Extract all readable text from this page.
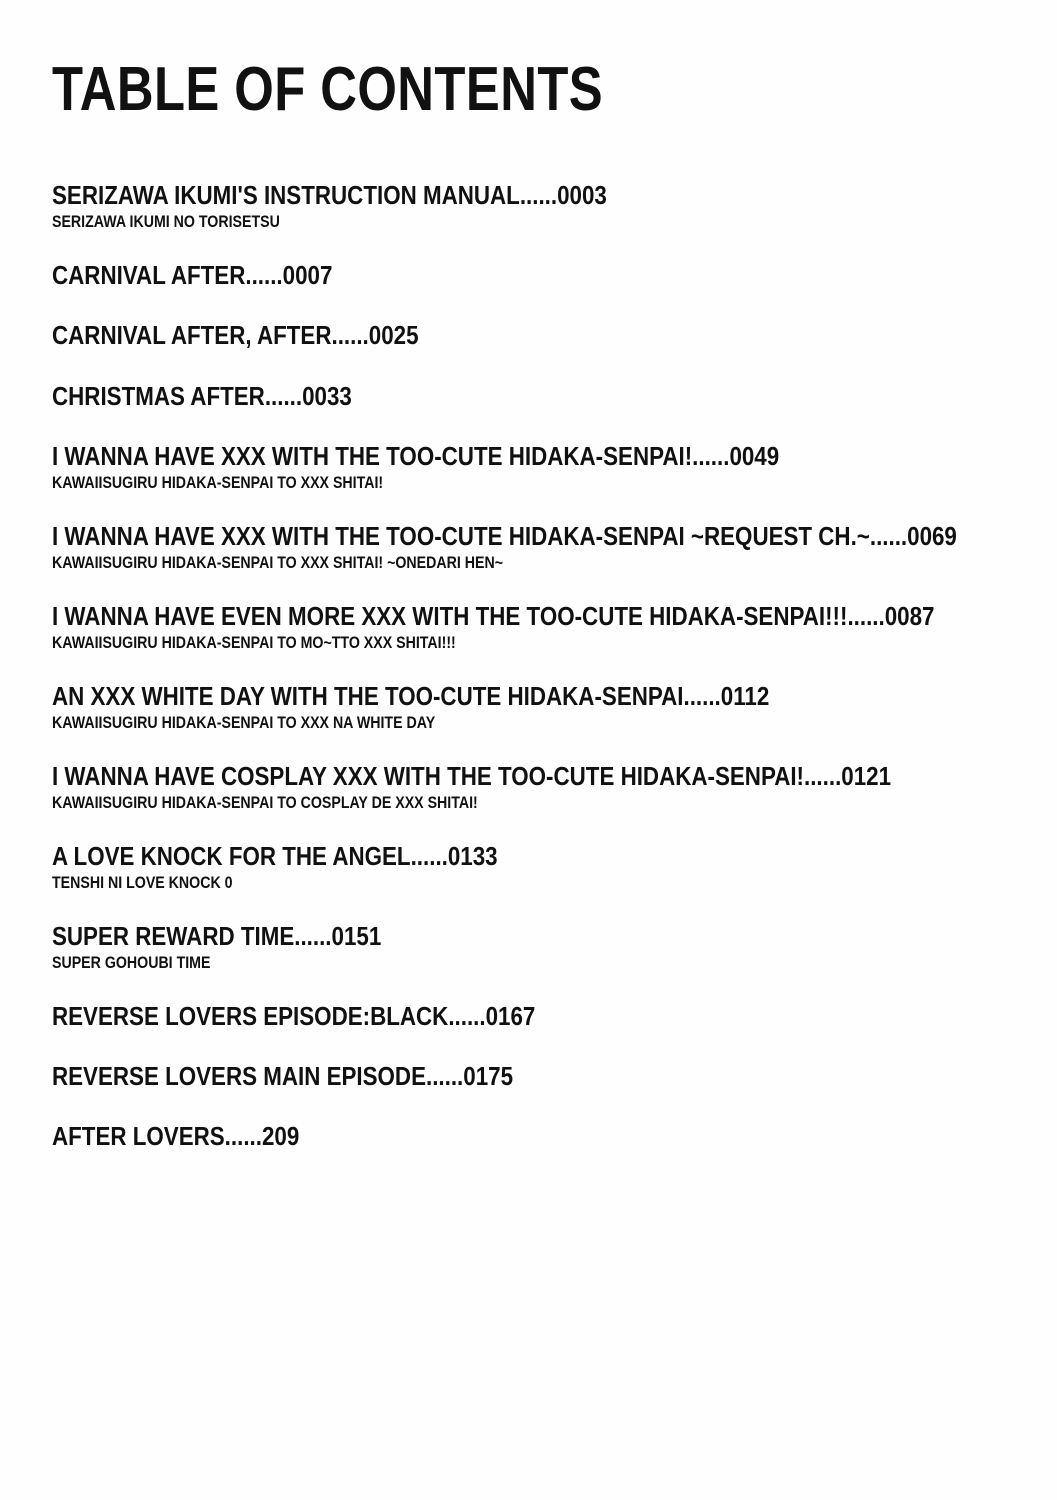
TABLE OF CONTENTS
SERIZAWA IKUMI'S INSTRUCTION MANUAL......0003
SERIZAWA IKUMI NO TORISETSU
CARNIVAL AFTER......0007
CARNIVAL AFTER, AFTER......0025
CHRISTMAS AFTER......0033
I WANNA HAVE XXX WITH THE TOO-CUTE HIDAKA-SENPAI!......0049
KAWAIISUGIRU HIDAKA-SENPAI TO XXX SHITAI!
I WANNA HAVE XXX WITH THE TOO-CUTE HIDAKA-SENPAI ~REQUEST CH.~......0069
KAWAIISUGIRU HIDAKA-SENPAI TO XXX SHITAI! ~ONEDARI HEN~
I WANNA HAVE EVEN MORE XXX WITH THE TOO-CUTE HIDAKA-SENPAI!!!......0087
KAWAIISUGIRU HIDAKA-SENPAI TO MO~TTO XXX SHITAI!!!
AN XXX WHITE DAY WITH THE TOO-CUTE HIDAKA-SENPAI......0112
KAWAIISUGIRU HIDAKA-SENPAI TO XXX NA WHITE DAY
I WANNA HAVE COSPLAY XXX WITH THE TOO-CUTE HIDAKA-SENPAI!......0121
KAWAIISUGIRU HIDAKA-SENPAI TO COSPLAY DE XXX SHITAI!
A LOVE KNOCK FOR THE ANGEL......0133
TENSHI NI LOVE KNOCK 0
SUPER REWARD TIME......0151
SUPER GOHOUBI TIME
REVERSE LOVERS EPISODE:BLACK......0167
REVERSE LOVERS MAIN EPISODE......0175
AFTER LOVERS......209
